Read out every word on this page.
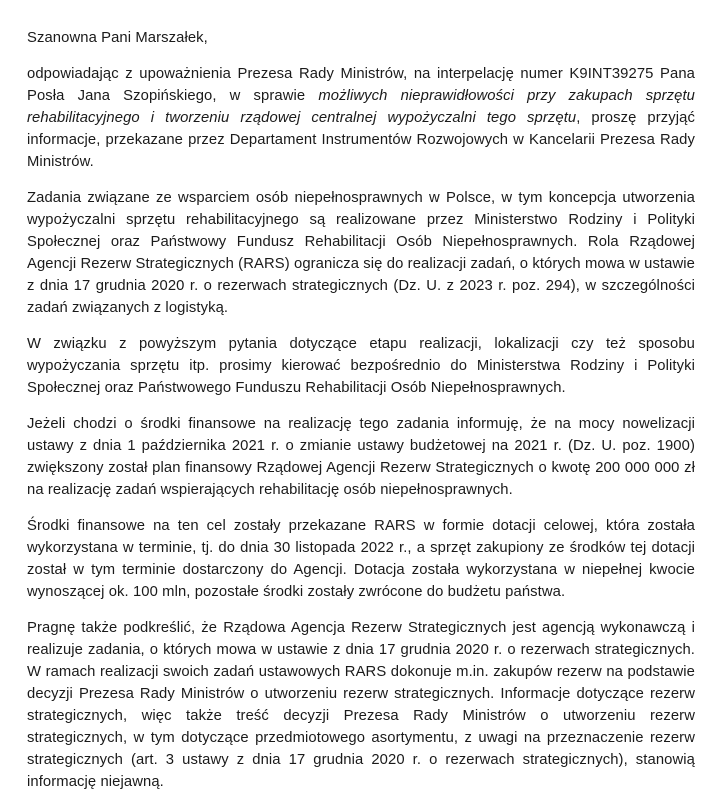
Szanowna Pani Marszałek,

odpowiadając z upoważnienia Prezesa Rady Ministrów, na interpelację numer K9INT39275 Pana Posła Jana Szopińskiego, w sprawie możliwych nieprawidłowości przy zakupach sprzętu rehabilitacyjnego i tworzeniu rządowej centralnej wypożyczalni tego sprzętu, proszę przyjąć informacje, przekazane przez Departament Instrumentów Rozwojowych w Kancelarii Prezesa Rady Ministrów.

Zadania związane ze wsparciem osób niepełnosprawnych w Polsce, w tym koncepcja utworzenia wypożyczalni sprzętu rehabilitacyjnego są realizowane przez Ministerstwo Rodziny i Polityki Społecznej oraz Państwowy Fundusz Rehabilitacji Osób Niepełnosprawnych. Rola Rządowej Agencji Rezerw Strategicznych (RARS) ogranicza się do realizacji zadań, o których mowa w ustawie z dnia 17 grudnia 2020 r. o rezerwach strategicznych (Dz. U. z 2023 r. poz. 294), w szczególności zadań związanych z logistyką.

W związku z powyższym pytania dotyczące etapu realizacji, lokalizacji czy też sposobu wypożyczania sprzętu itp. prosimy kierować bezpośrednio do Ministerstwa Rodziny i Polityki Społecznej oraz Państwowego Funduszu Rehabilitacji Osób Niepełnosprawnych.

Jeżeli chodzi o środki finansowe na realizację tego zadania informuję, że na mocy nowelizacji ustawy z dnia 1 października 2021 r. o zmianie ustawy budżetowej na 2021 r. (Dz. U. poz. 1900) zwiększony został plan finansowy Rządowej Agencji Rezerw Strategicznych o kwotę 200 000 000 zł na realizację zadań wspierających rehabilitację osób niepełnosprawnych.

Środki finansowe na ten cel zostały przekazane RARS w formie dotacji celowej, która została wykorzystana w terminie, tj. do dnia 30 listopada 2022 r., a sprzęt zakupiony ze środków tej dotacji został w tym terminie dostarczony do Agencji. Dotacja została wykorzystana w niepełnej kwocie wynoszącej ok. 100 mln, pozostałe środki zostały zwrócone do budżetu państwa.

Pragnę także podkreślić, że Rządowa Agencja Rezerw Strategicznych jest agencją wykonawczą i realizuje zadania, o których mowa w ustawie z dnia 17 grudnia 2020 r. o rezerwach strategicznych. W ramach realizacji swoich zadań ustawowych RARS dokonuje m.in. zakupów rezerw na podstawie decyzji Prezesa Rady Ministrów o utworzeniu rezerw strategicznych. Informacje dotyczące rezerw strategicznych, więc także treść decyzji Prezesa Rady Ministrów o utworzeniu rezerw strategicznych, w tym dotyczące przedmiotowego asortymentu, z uwagi na przeznaczenie rezerw strategicznych (art. 3 ustawy z dnia 17 grudnia 2020 r. o rezerwach strategicznych), stanowią informację niejawną.
